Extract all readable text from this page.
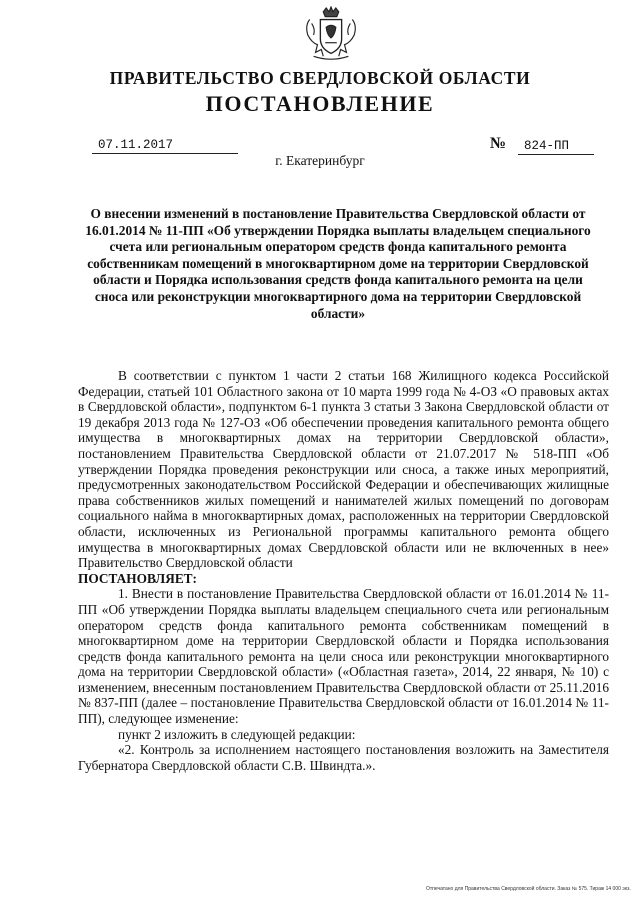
ПРАВИТЕЛЬСТВО СВЕРДЛОВСКОЙ ОБЛАСТИ
ПОСТАНОВЛЕНИЕ
07.11.2017	№	824-ПП
г. Екатеринбург
О внесении изменений в постановление Правительства Свердловской области от 16.01.2014 № 11-ПП «Об утверждении Порядка выплаты владельцем специального счета или региональным оператором средств фонда капитального ремонта собственникам помещений в многоквартирном доме на территории Свердловской области и Порядка использования средств фонда капитального ремонта на цели сноса или реконструкции многоквартирного дома на территории Свердловской области»

В соответствии с пунктом 1 части 2 статьи 168 Жилищного кодекса Российской Федерации, статьей 101 Областного закона от 10 марта 1999 года № 4-ОЗ «О правовых актах в Свердловской области», подпунктом 6-1 пункта 3 статьи 3 Закона Свердловской области от 19 декабря 2013 года № 127-ОЗ «Об обеспечении проведения капитального ремонта общего имущества в многоквартирных домах на территории Свердловской области», постановлением Правительства Свердловской области от 21.07.2017 № 518-ПП «Об утверждении Порядка проведения реконструкции или сноса, а также иных мероприятий, предусмотренных законодательством Российской Федерации и обеспечивающих жилищные права собственников жилых помещений и нанимателей жилых помещений по договорам социального найма в многоквартирных домах, расположенных на территории Свердловской области, исключенных из Региональной программы капитального ремонта общего имущества в многоквартирных домах Свердловской области или не включенных в нее» Правительство Свердловской области

ПОСТАНОВЛЯЕТ:

1. Внести в постановление Правительства Свердловской области от 16.01.2014 № 11-ПП «Об утверждении Порядка выплаты владельцем специального счета или региональным оператором средств фонда капитального ремонта собственникам помещений в многоквартирном доме на территории Свердловской области и Порядка использования средств фонда капитального ремонта на цели сноса или реконструкции многоквартирного дома на территории Свердловской области» («Областная газета», 2014, 22 января, № 10) с изменением, внесенным постановлением Правительства Свердловской области от 25.11.2016 № 837-ПП (далее – постановление Правительства Свердловской области от 16.01.2014 № 11-ПП), следующее изменение:

пункт 2 изложить в следующей редакции:

«2. Контроль за исполнением настоящего постановления возложить на Заместителя Губернатора Свердловской области С.В. Швиндта.».

Отпечатано для Правительства Свердловской области. Заказ № 575. Тираж 14 000 экз.
